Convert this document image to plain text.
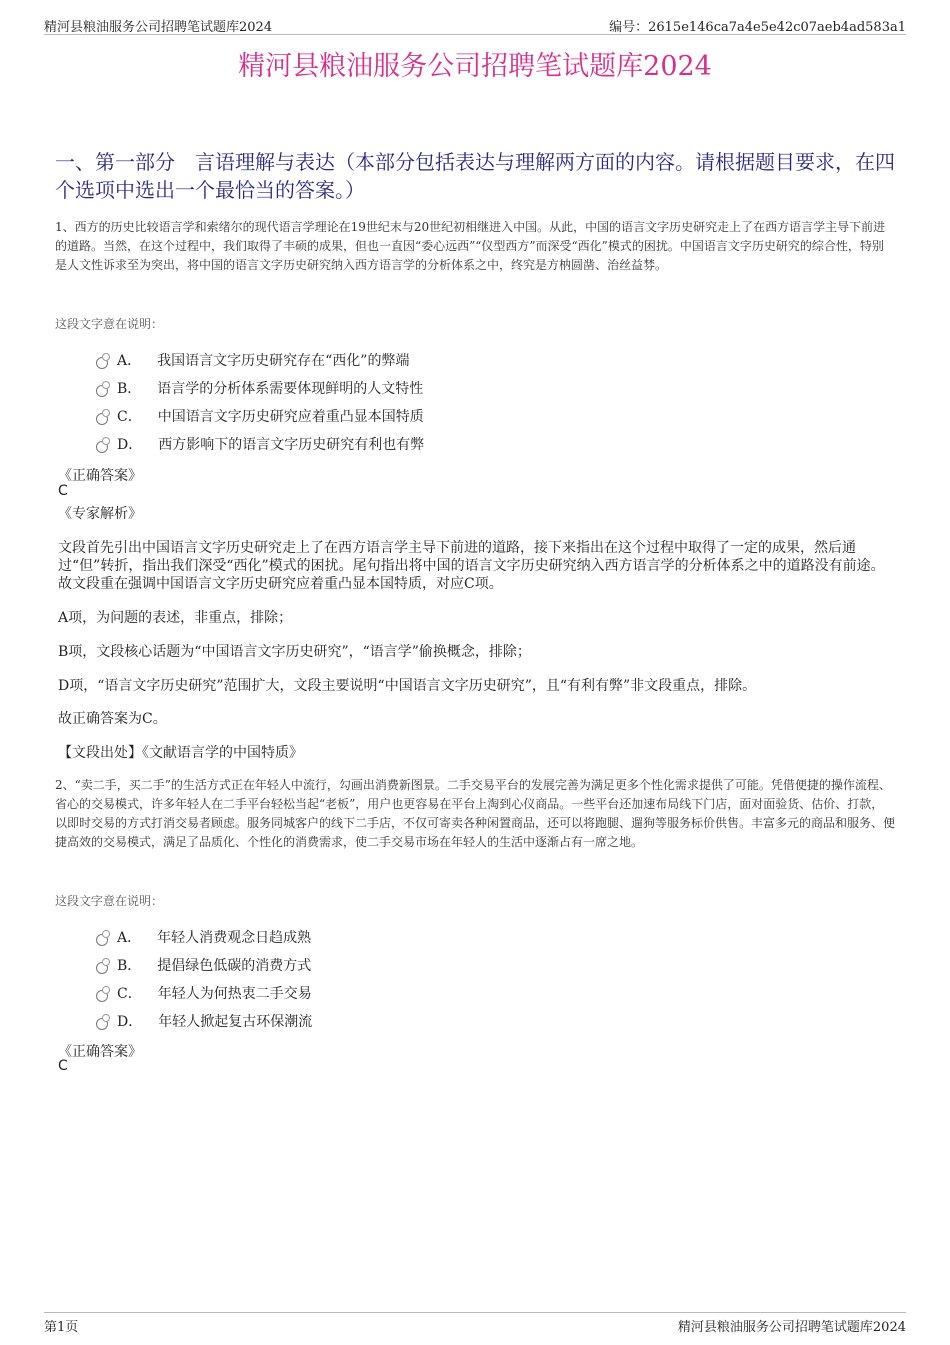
精河县粮油服务公司招聘笔试题库2024	编号：2615e146ca7a4e5e42c07aeb4ad583a1
精河县粮油服务公司招聘笔试题库2024
一、第一部分　言语理解与表达（本部分包括表达与理解两方面的内容。请根据题目要求，在四个选项中选出一个最恰当的答案。）
1、西方的历史比较语言学和索绪尔的现代语言学理论在19世纪末与20世纪初相继进入中国。从此，中国的语言文字历史研究走上了在西方语言学主导下前进的道路。当然，在这个过程中，我们取得了丰硕的成果，但也一直因“委心远西”“仪型西方”而深受“西化”模式的困扰。中国语言文字历史研究的综合性，特别是人文性诉求至为突出，将中国的语言文字历史研究纳入西方语言学的分析体系之中，终究是方枘圆凿、治丝益棼。
这段文字意在说明：
A． 我国语言文字历史研究存在“西化”的弊端
B． 语言学的分析体系需要体现鲜明的人文特性
C． 中国语言文字历史研究应着重凸显本国特质
D． 西方影响下的语言文字历史研究有利也有弊
《正确答案》
C
《专家解析》
文段首先引出中国语言文字历史研究走上了在西方语言学主导下前进的道路，接下来指出在这个过程中取得了一定的成果，然后通过“但”转折，指出我们深受“西化”模式的困扰。尾句指出将中国的语言文字历史研究纳入西方语言学的分析体系之中的道路没有前途。故文段重在强调中国语言文字历史研究应着重凸显本国特质，对应C项。
A项，为问题的表述，非重点，排除；
B项，文段核心话题为“中国语言文字历史研究”，“语言学”偷换概念，排除；
D项，“语言文字历史研究”范围扩大，文段主要说明“中国语言文字历史研究”，且“有利有弊”非文段重点，排除。
故正确答案为C。
【文段出处】《文献语言学的中国特质》
2、“卖二手，买二手”的生活方式正在年轻人中流行，勾画出消费新图景。二手交易平台的发展完善为满足更多个性化需求提供了可能。凭借便捷的操作流程、省心的交易模式，许多年轻人在二手平台轻松当起“老板”，用户也更容易在平台上淘到心仪商品。一些平台还加速布局线下门店，面对面验货、估价、打款，以即时交易的方式打消交易者顾虑。服务同城客户的线下二手店，不仅可寄卖各种闲置商品，还可以将跑腿、遛狗等服务标价供售。丰富多元的商品和服务、便捷高效的交易模式，满足了品质化、个性化的消费需求，使二手交易市场在年轻人的生活中逐渐占有一席之地。
这段文字意在说明：
A． 年轻人消费观念日趋成熟
B． 提倡绿色低碳的消费方式
C． 年轻人为何热衷二手交易
D． 年轻人掀起复古环保潮流
《正确答案》
C
第1页	精河县粮油服务公司招聘笔试题库2024
